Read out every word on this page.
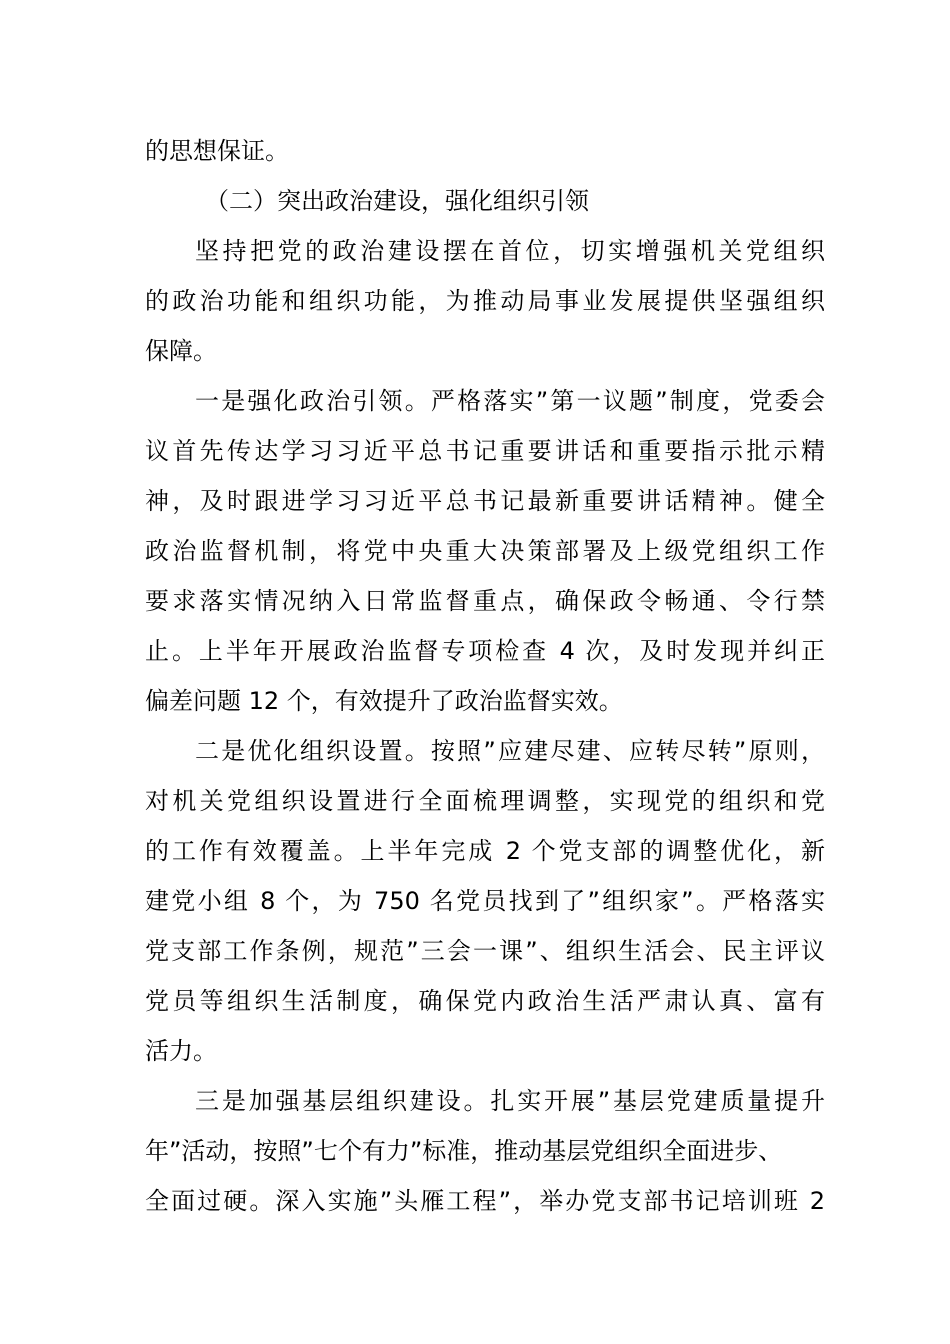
的思想保证。
（二）突出政治建设，强化组织引领
坚持把党的政治建设摆在首位，切实增强机关党组织
的政治功能和组织功能，为推动局事业发展提供坚强组织
保障。
一是强化政治引领。严格落实”第一议题”制度，党委会
议首先传达学习习近平总书记重要讲话和重要指示批示精
神，及时跟进学习习近平总书记最新重要讲话精神。健全
政治监督机制，将党中央重大决策部署及上级党组织工作
要求落实情况纳入日常监督重点，确保政令畅通、令行禁
止。上半年开展政治监督专项检查 4 次，及时发现并纠正
偏差问题 12 个，有效提升了政治监督实效。
二是优化组织设置。按照”应建尽建、应转尽转”原则，
对机关党组织设置进行全面梳理调整，实现党的组织和党
的工作有效覆盖。上半年完成 2 个党支部的调整优化，新
建党小组 8 个，为 750 名党员找到了”组织家”。严格落实
党支部工作条例，规范”三会一课”、组织生活会、民主评议
党员等组织生活制度，确保党内政治生活严肃认真、富有
活力。
三是加强基层组织建设。扎实开展”基层党建质量提升
年”活动，按照”七个有力”标准，推动基层党组织全面进步、
全面过硬。深入实施”头雁工程”，举办党支部书记培训班 2
